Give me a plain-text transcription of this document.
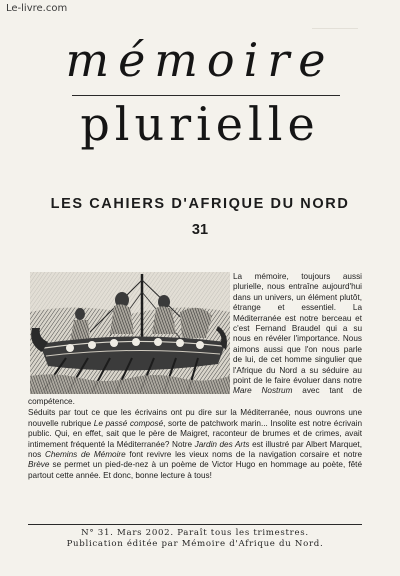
Le-livre.com
mémoire
plurielle
LES CAHIERS D'AFRIQUE DU NORD
31

La mémoire, toujours aussi plurielle, nous entraîne aujourd'hui dans un univers, un élément plutôt, étrange et essentiel. La Méditerranée est notre berceau et c'est Fernand Braudel qui a su nous en révéler l'importance. Nous aimons aussi que l'on nous parle de lui, de cet homme singulier que l'Afrique du Nord a su séduire au point de le faire évoluer dans notre Mare Nostrum avec tant de compétence.

Séduits par tout ce que les écrivains ont pu dire sur la Méditerranée, nous ouvrons une nouvelle rubrique Le passé composé, sorte de patchwork marin... Insolite est notre écrivain public. Qui, en effet, sait que le père de Maigret, raconteur de brumes et de crimes, avait intimement fréquenté la Méditerranée? Notre Jardin des Arts est illustré par Albert Marquet, nos Chemins de Mémoire font revivre les vieux noms de la navigation corsaire et notre Brève se permet un pied-de-nez à un poème de Victor Hugo en hommage au poète, fêté partout cette année. Et donc, bonne lecture à tous!

N° 31. Mars 2002. Paraît tous les trimestres.
Publication éditée par Mémoire d'Afrique du Nord.
